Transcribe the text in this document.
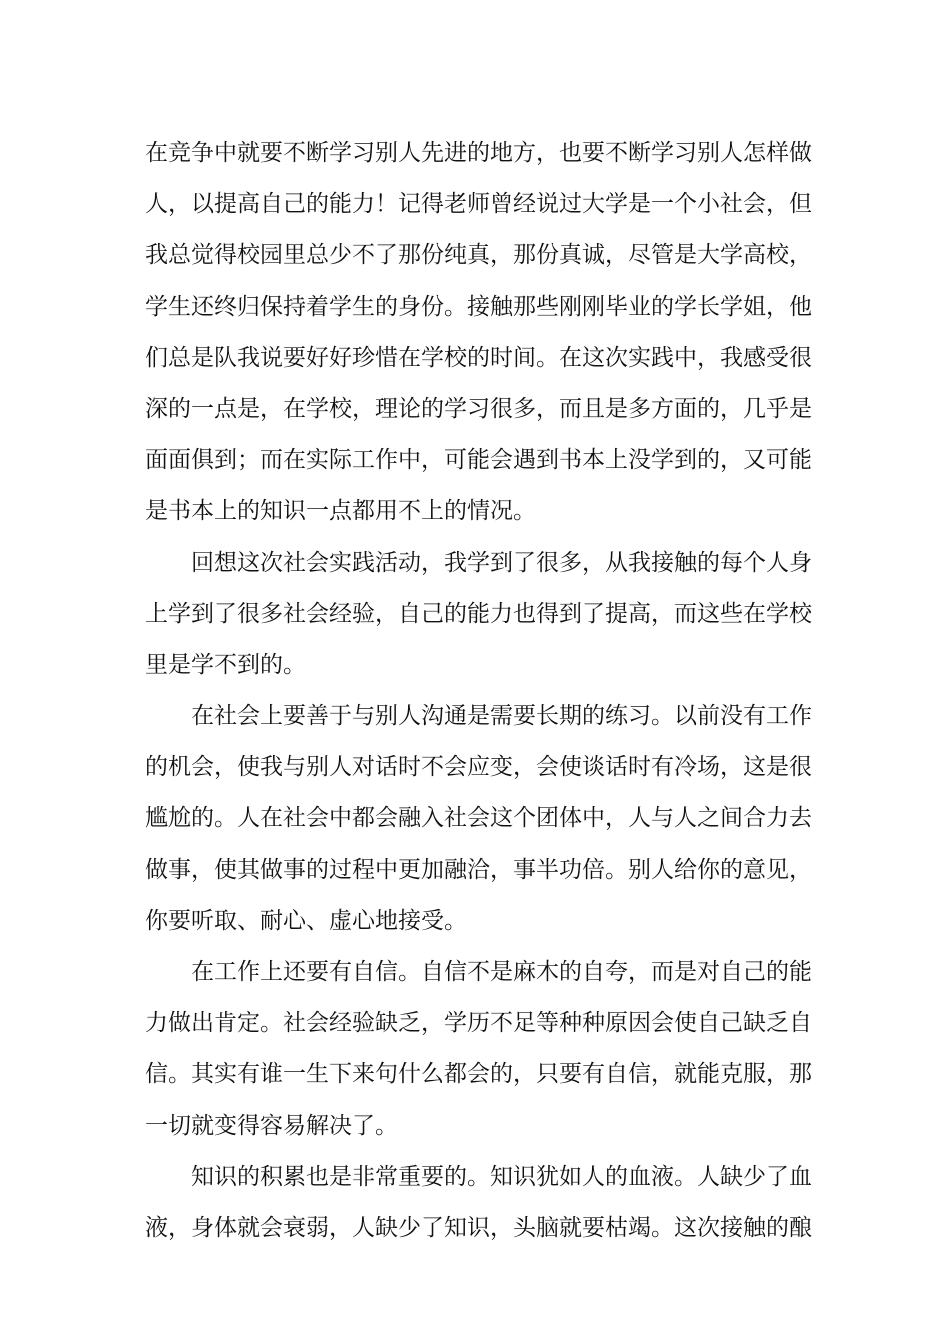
在竞争中就要不断学习别人先进的地方，也要不断学习别人怎样做
人，以提高自己的能力！记得老师曾经说过大学是一个小社会，但
我总觉得校园里总少不了那份纯真，那份真诚，尽管是大学高校，
学生还终归保持着学生的身份。接触那些刚刚毕业的学长学姐，他
们总是队我说要好好珍惜在学校的时间。在这次实践中，我感受很
深的一点是，在学校，理论的学习很多，而且是多方面的，几乎是
面面俱到；而在实际工作中，可能会遇到书本上没学到的，又可能
是书本上的知识一点都用不上的情况。
回想这次社会实践活动，我学到了很多，从我接触的每个人身
上学到了很多社会经验，自己的能力也得到了提高，而这些在学校
里是学不到的。
在社会上要善于与别人沟通是需要长期的练习。以前没有工作
的机会，使我与别人对话时不会应变，会使谈话时有冷场，这是很
尴尬的。人在社会中都会融入社会这个团体中，人与人之间合力去
做事，使其做事的过程中更加融洽，事半功倍。别人给你的意见，
你要听取、耐心、虚心地接受。
在工作上还要有自信。自信不是麻木的自夸，而是对自己的能
力做出肯定。社会经验缺乏，学历不足等种种原因会使自己缺乏自
信。其实有谁一生下来句什么都会的，只要有自信，就能克服，那
一切就变得容易解决了。
知识的积累也是非常重要的。知识犹如人的血液。人缺少了血
液，身体就会衰弱，人缺少了知识，头脑就要枯竭。这次接触的酿
